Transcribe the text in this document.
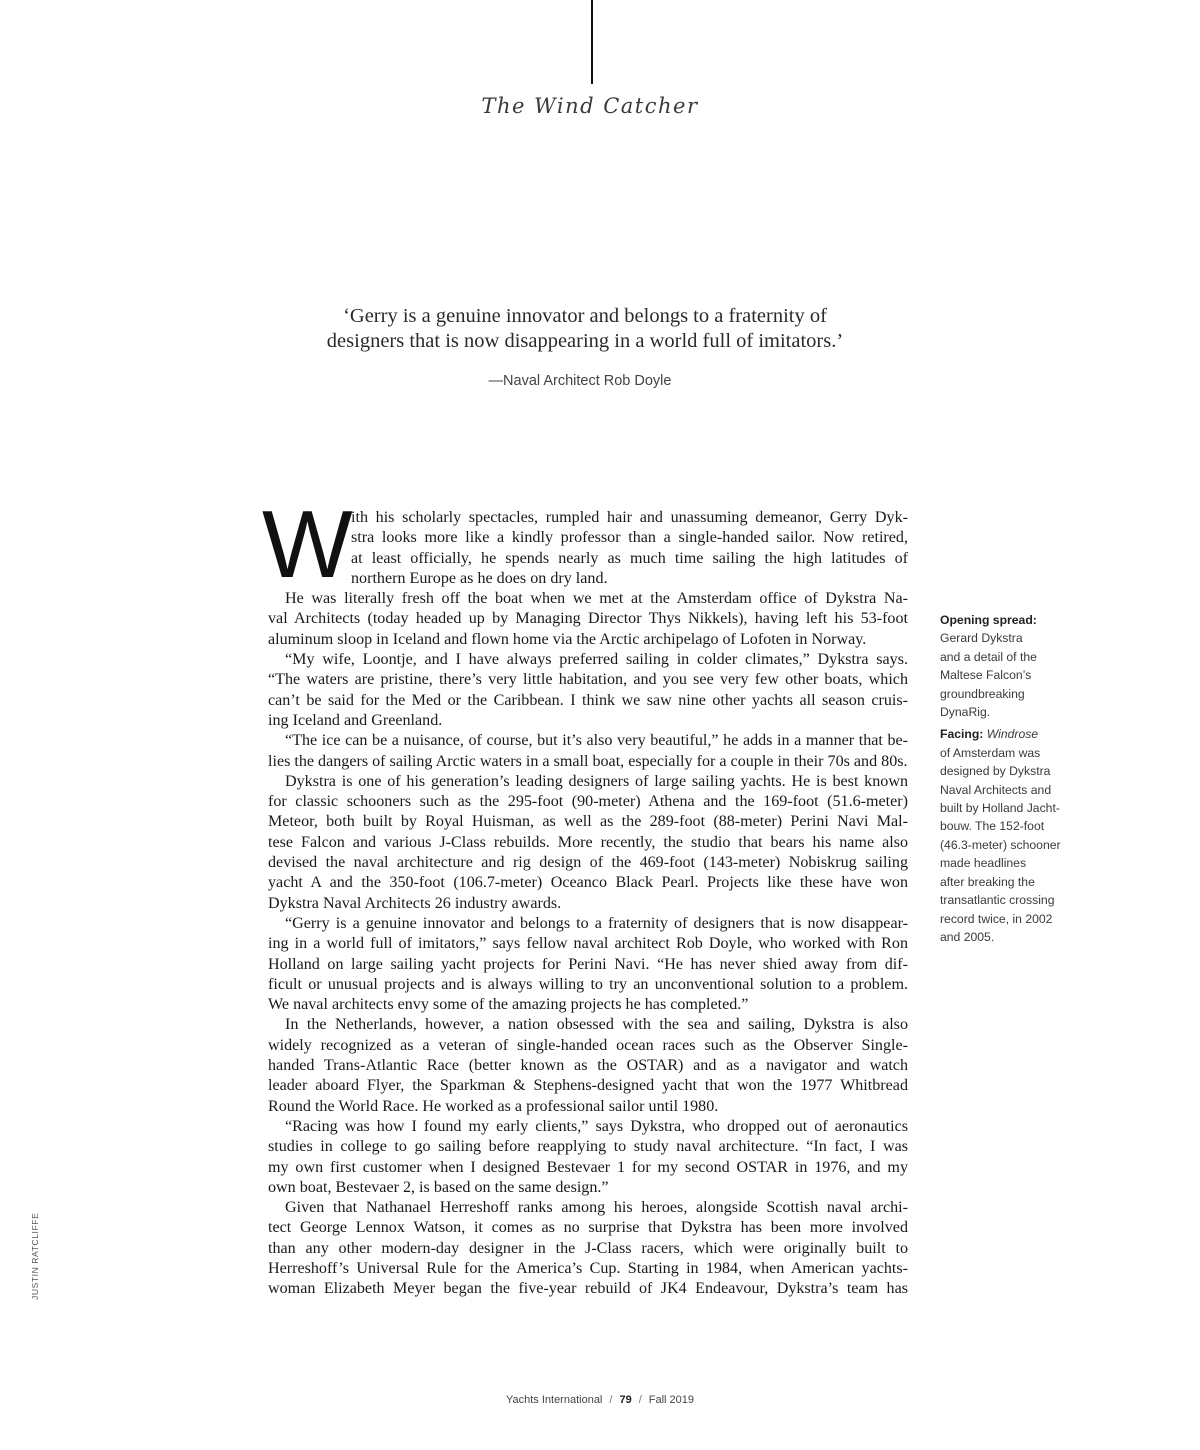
The Wind Catcher
‘Gerry is a genuine innovator and belongs to a fraternity of
designers that is now disappearing in a world full of imitators.’
—Naval Architect Rob Doyle
W
ith his scholarly spectacles, rumpled hair and unassuming demeanor, Gerry Dyk-
stra looks more like a kindly professor than a single-handed sailor. Now retired,
at least officially, he spends nearly as much time sailing the high latitudes of
northern Europe as he does on dry land.
He was literally fresh off the boat when we met at the Amsterdam office of Dykstra Na-
val Architects (today headed up by Managing Director Thys Nikkels), having left his 53-foot
aluminum sloop in Iceland and flown home via the Arctic archipelago of Lofoten in Norway.
“My wife, Loontje, and I have always preferred sailing in colder climates,” Dykstra says.
“The waters are pristine, there’s very little habitation, and you see very few other boats, which
can’t be said for the Med or the Caribbean. I think we saw nine other yachts all season cruis-
ing Iceland and Greenland.
“The ice can be a nuisance, of course, but it’s also very beautiful,” he adds in a manner that be-
lies the dangers of sailing Arctic waters in a small boat, especially for a couple in their 70s and 80s.
Dykstra is one of his generation’s leading designers of large sailing yachts. He is best known
for classic schooners such as the 295-foot (90-meter) Athena and the 169-foot (51.6-meter)
Meteor, both built by Royal Huisman, as well as the 289-foot (88-meter) Perini Navi Mal-
tese Falcon and various J-Class rebuilds. More recently, the studio that bears his name also
devised the naval architecture and rig design of the 469-foot (143-meter) Nobiskrug sailing
yacht A and the 350-foot (106.7-meter) Oceanco Black Pearl. Projects like these have won
Dykstra Naval Architects 26 industry awards.
“Gerry is a genuine innovator and belongs to a fraternity of designers that is now disappear-
ing in a world full of imitators,” says fellow naval architect Rob Doyle, who worked with Ron
Holland on large sailing yacht projects for Perini Navi. “He has never shied away from dif-
ficult or unusual projects and is always willing to try an unconventional solution to a problem.
We naval architects envy some of the amazing projects he has completed.”
In the Netherlands, however, a nation obsessed with the sea and sailing, Dykstra is also
widely recognized as a veteran of single-handed ocean races such as the Observer Single-
handed Trans-Atlantic Race (better known as the OSTAR) and as a navigator and watch
leader aboard Flyer, the Sparkman & Stephens-designed yacht that won the 1977 Whitbread
Round the World Race. He worked as a professional sailor until 1980.
“Racing was how I found my early clients,” says Dykstra, who dropped out of aeronautics
studies in college to go sailing before reapplying to study naval architecture. “In fact, I was
my own first customer when I designed Bestevaer 1 for my second OSTAR in 1976, and my
own boat, Bestevaer 2, is based on the same design.”
Given that Nathanael Herreshoff ranks among his heroes, alongside Scottish naval archi-
tect George Lennox Watson, it comes as no surprise that Dykstra has been more involved
than any other modern-day designer in the J-Class racers, which were originally built to
Herreshoff’s Universal Rule for the America’s Cup. Starting in 1984, when American yachts-
woman Elizabeth Meyer began the five-year rebuild of JK4 Endeavour, Dykstra’s team has

Opening spread:
Gerard Dykstra
and a detail of the
Maltese Falcon’s
groundbreaking
DynaRig.

Facing: Windrose
of Amsterdam was
designed by Dykstra
Naval Architects and
built by Holland Jacht-
bouw. The 152-foot
(46.3-meter) schooner
made headlines
after breaking the
transatlantic crossing
record twice, in 2002
and 2005.

JUSTIN RATCLIFFE
Yachts International / 79 / Fall 2019
